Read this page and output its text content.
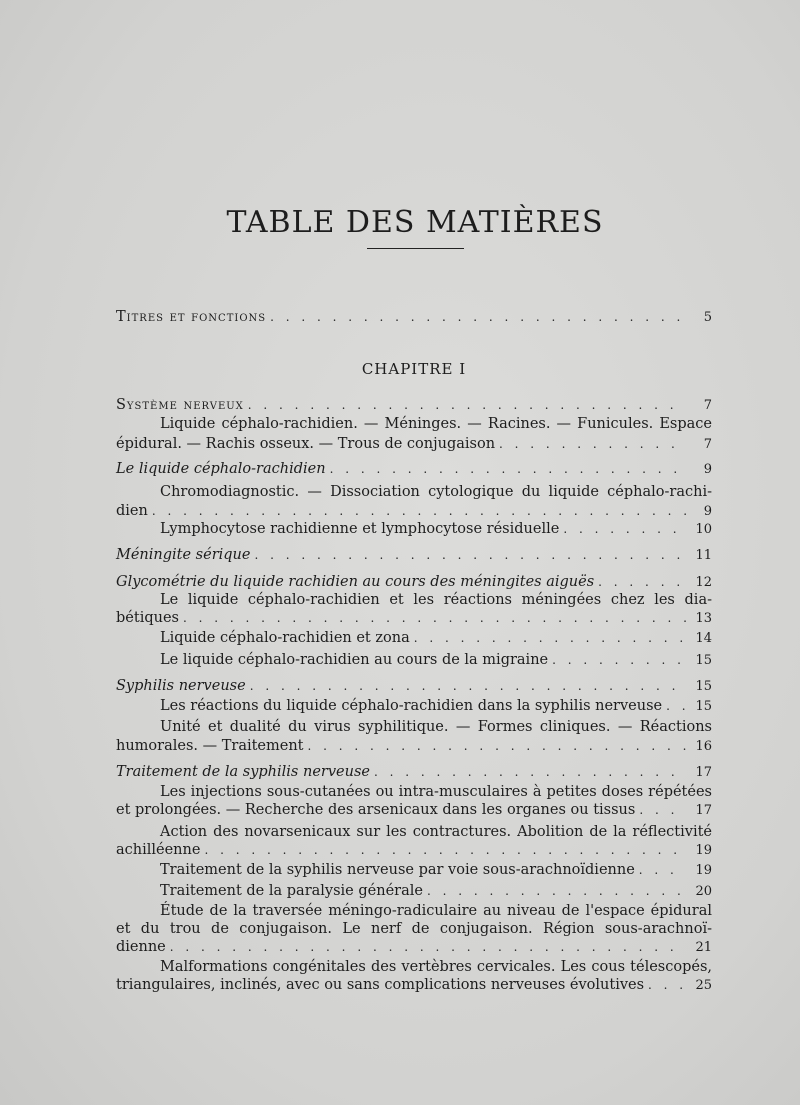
TABLE DES MATIÈRES
Titres et fonctions . . .	5
CHAPITRE I
Système nerveux . . .	7
Liquide céphalo-rachidien. — Méninges. — Racines. — Funicules. Espace
épidural. — Rachis osseux. — Trous de conjugaison . . .	7
Le liquide céphalo-rachidien . . .	9
Chromodiagnostic. — Dissociation cytologique du liquide céphalo-rachi-
dien . . .	9
Lymphocytose rachidienne et lymphocytose résiduelle . . .	10
Méningite sérique . . .	11
Glycométrie du liquide rachidien au cours des méningites aiguës . . .	12
Le liquide céphalo-rachidien et les réactions méningées chez les dia-
bétiques . . .	13
Liquide céphalo-rachidien et zona . . .	14
Le liquide céphalo-rachidien au cours de la migraine . . .	15
Syphilis nerveuse . . .	15
Les réactions du liquide céphalo-rachidien dans la syphilis nerveuse . . .	15
Unité et dualité du virus syphilitique. — Formes cliniques. — Réactions
humorales. — Traitement . . .	16
Traitement de la syphilis nerveuse . . .	17
Les injections sous-cutanées ou intra-musculaires à petites doses répétées
et prolongées. — Recherche des arsenicaux dans les organes ou tissus . . .	17
Action des novarsenicaux sur les contractures. Abolition de la réflectivité
achilléenne . . .	19
Traitement de la syphilis nerveuse par voie sous-arachnoïdienne . . .	19
Traitement de la paralysie générale . . .	20
Étude de la traversée méningo-radiculaire au niveau de l'espace épidural
et du trou de conjugaison. Le nerf de conjugaison. Région sous-arachnoï-
dienne . . .	21
Malformations congénitales des vertèbres cervicales. Les cous télescopés,
triangulaires, inclinés, avec ou sans complications nerveuses évolutives . . .	25
